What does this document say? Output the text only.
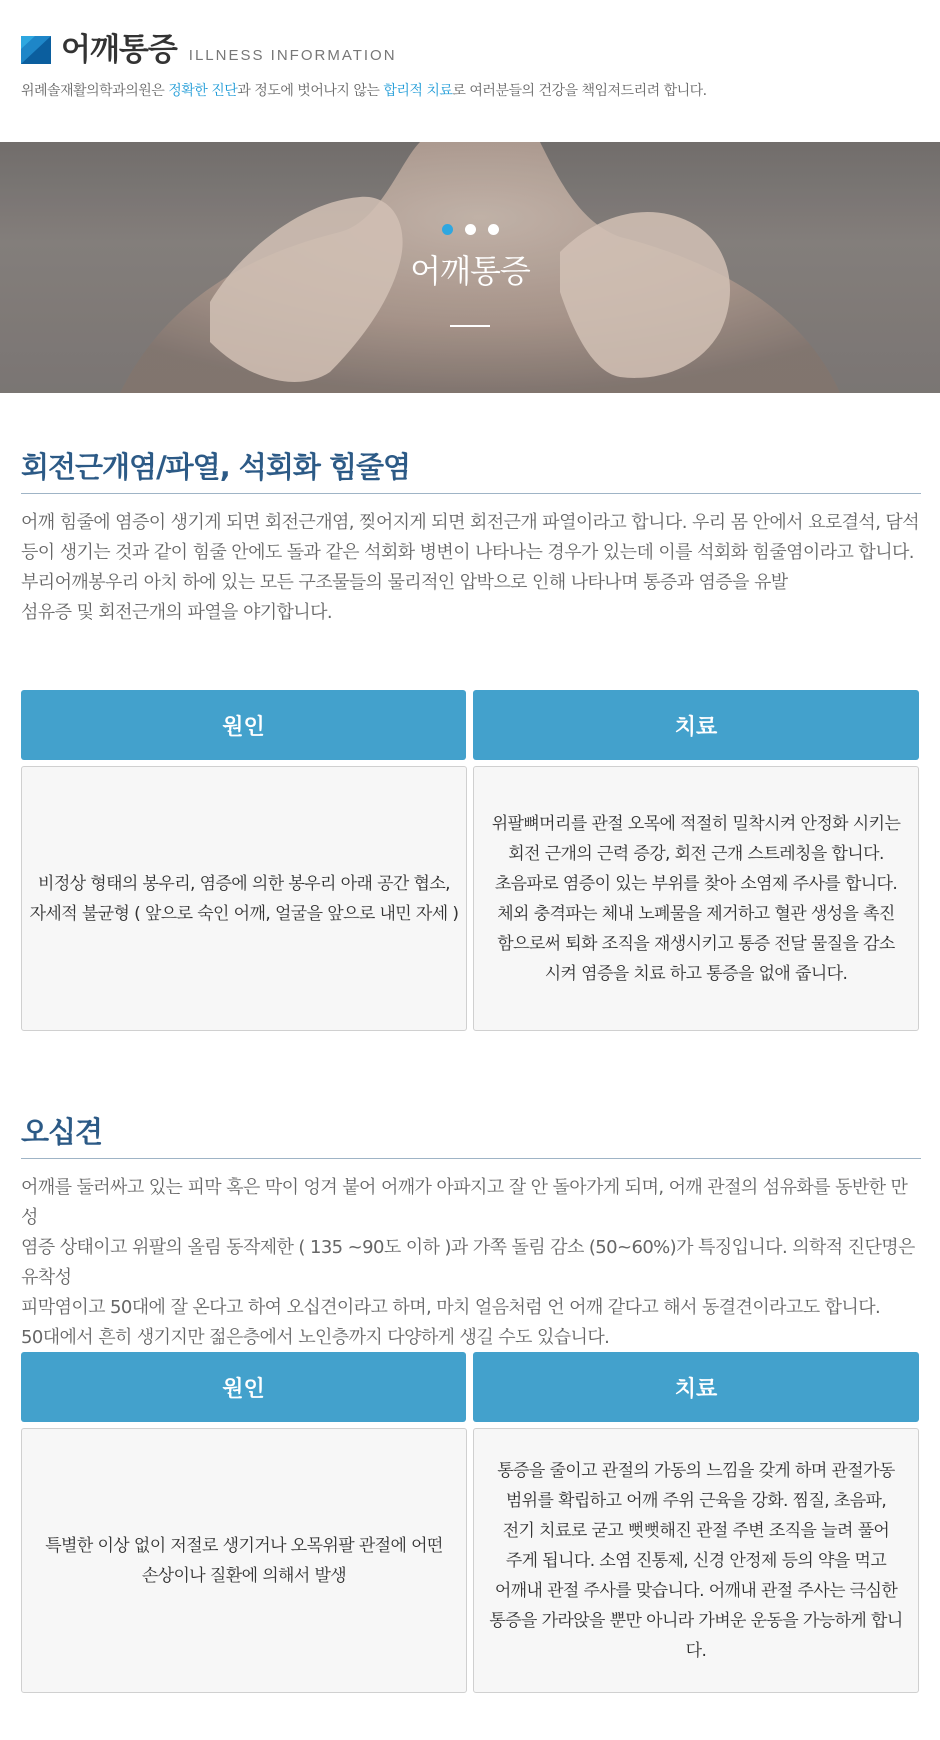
어깨통증 ILLNESS INFORMATION
위례솔재활의학과의원은 정확한 진단과 정도에 벗어나지 않는 합리적 치료로 여러분들의 건강을 책임져드리려 합니다.
어깨통증
회전근개염/파열, 석회화 힘줄염
어깨 힘줄에 염증이 생기게 되면 회전근개염, 찢어지게 되면 회전근개 파열이라고 합니다. 우리 몸 안에서 요로결석, 담석
등이 생기는 것과 같이 힘줄 안에도 돌과 같은 석회화 병변이 나타나는 경우가 있는데 이를 석회화 힘줄염이라고 합니다.
부리어깨봉우리 아치 하에 있는 모든 구조물들의 물리적인 압박으로 인해 나타나며 통증과 염증을 유발
섬유증 및 회전근개의 파열을 야기합니다.
원인	치료
비정상 형태의 봉우리, 염증에 의한 봉우리 아래 공간 협소,
자세적 불균형 ( 앞으로 숙인 어깨, 얼굴을 앞으로 내민 자세 )
위팔뼈머리를 관절 오목에 적절히 밀착시켜 안정화 시키는
회전 근개의 근력 증강, 회전 근개 스트레칭을 합니다.
초음파로 염증이 있는 부위를 찾아 소염제 주사를 합니다.
체외 충격파는 체내 노폐물을 제거하고 혈관 생성을 촉진
함으로써 퇴화 조직을 재생시키고 통증 전달 물질을 감소
시켜 염증을 치료 하고 통증을 없애 줍니다.
오십견
어깨를 둘러싸고 있는 피막 혹은 막이 엉겨 붙어 어깨가 아파지고 잘 안 돌아가게 되며, 어깨 관절의 섬유화를 동반한 만성
염증 상태이고 위팔의 올림 동작제한 ( 135 ~90도 이하 )과 가쪽 돌림 감소 (50~60%)가 특징입니다. 의학적 진단명은 유착성
피막염이고 50대에 잘 온다고 하여 오십견이라고 하며, 마치 얼음처럼 언 어깨 같다고 해서 동결견이라고도 합니다.
50대에서 흔히 생기지만 젊은층에서 노인층까지 다양하게 생길 수도 있습니다.
원인	치료
특별한 이상 없이 저절로 생기거나 오목위팔 관절에 어떤
손상이나 질환에 의해서 발생
통증을 줄이고 관절의 가동의 느낌을 갖게 하며 관절가동
범위를 확립하고 어깨 주위 근육을 강화. 찜질, 초음파,
전기 치료로 굳고 뻣뻣해진 관절 주변 조직을 늘려 풀어
주게 됩니다. 소염 진통제, 신경 안정제 등의 약을 먹고
어깨내 관절 주사를 맞습니다. 어깨내 관절 주사는 극심한
통증을 가라앉을 뿐만 아니라 가벼운 운동을 가능하게 합니다.
